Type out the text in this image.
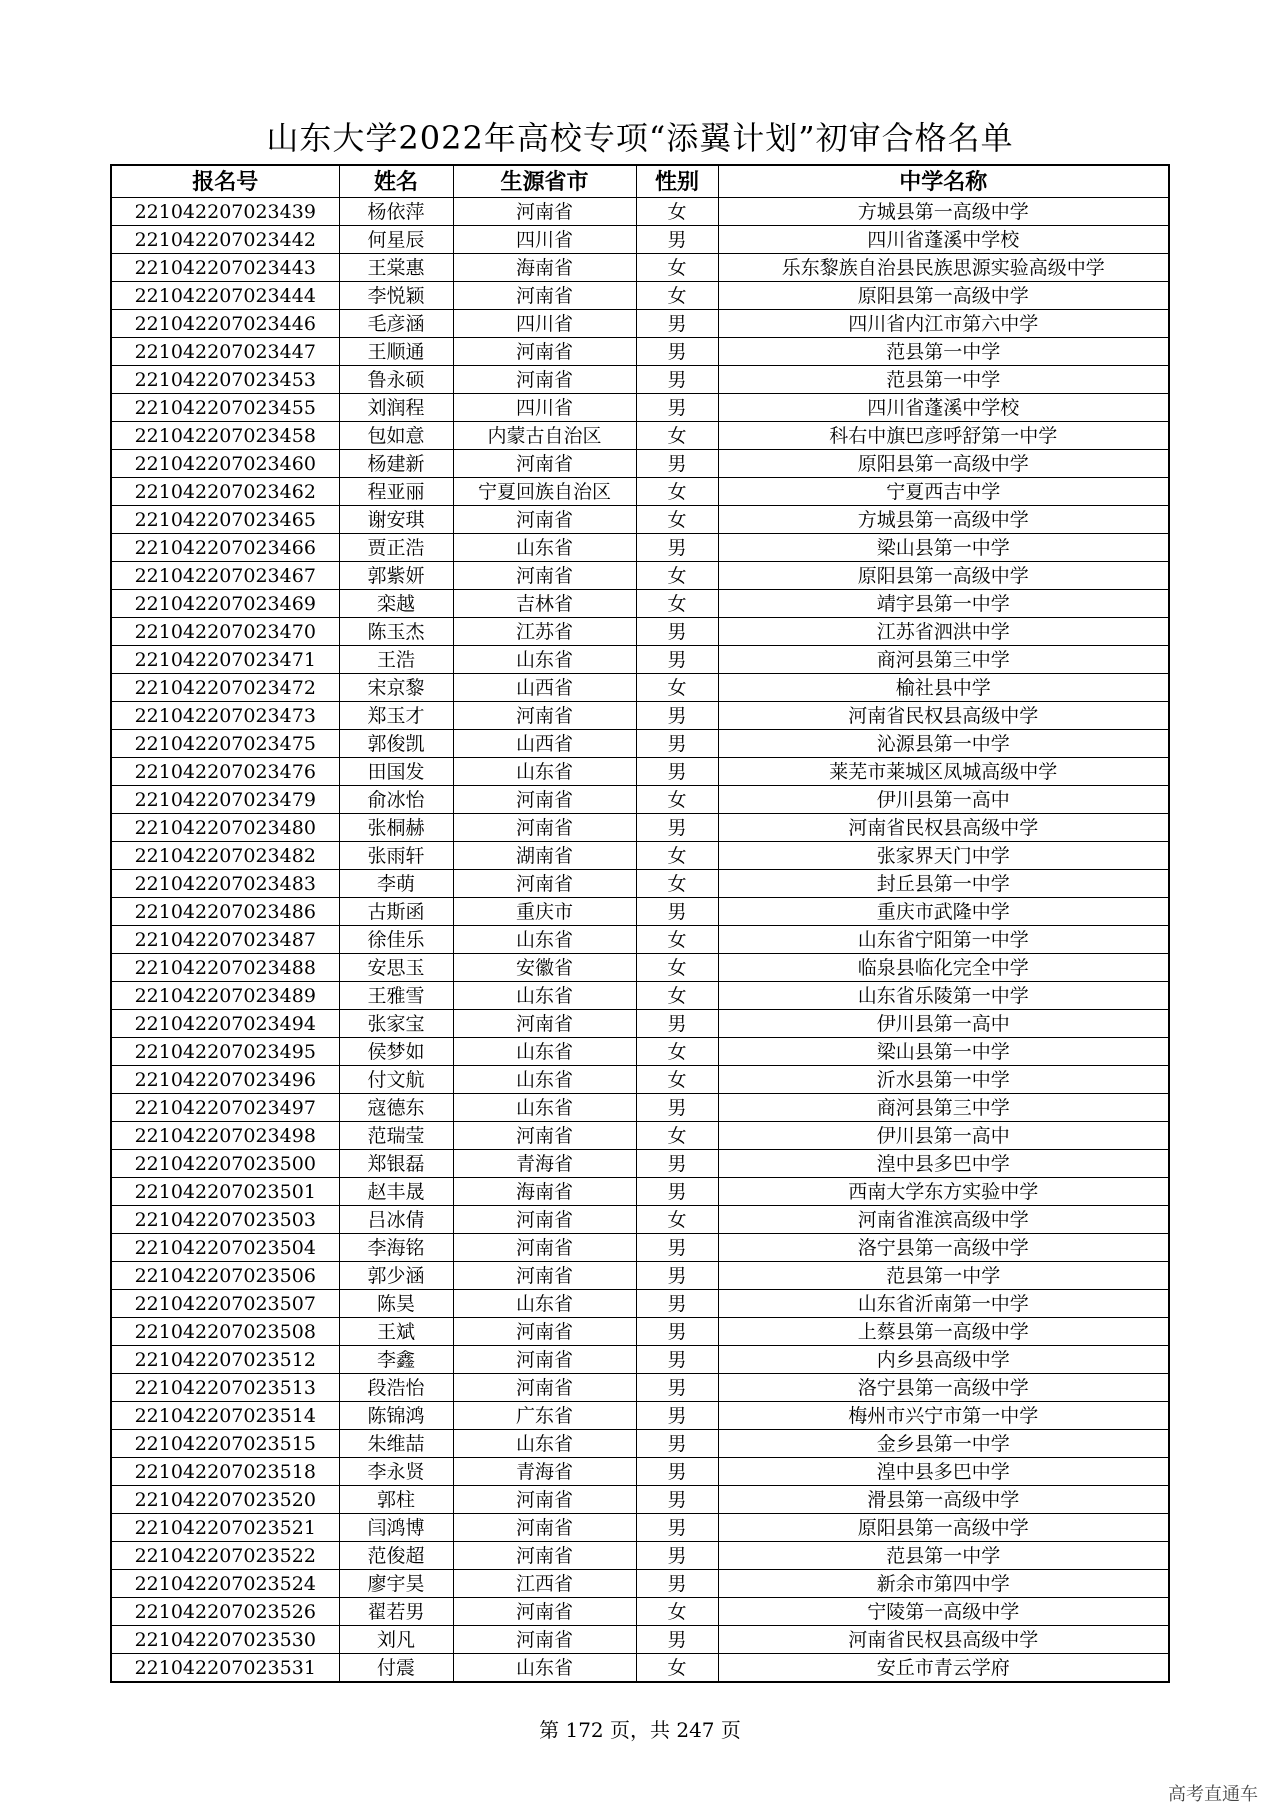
山东大学2022年高校专项“添翼计划”初审合格名单
报名号	姓名	生源省市	性别	中学名称
221042207023439	杨依萍	河南省	女	方城县第一高级中学
221042207023442	何星辰	四川省	男	四川省蓬溪中学校
221042207023443	王棠惠	海南省	女	乐东黎族自治县民族思源实验高级中学
221042207023444	李悦颖	河南省	女	原阳县第一高级中学
221042207023446	毛彦涵	四川省	男	四川省内江市第六中学
221042207023447	王顺通	河南省	男	范县第一中学
221042207023453	鲁永硕	河南省	男	范县第一中学
221042207023455	刘润程	四川省	男	四川省蓬溪中学校
221042207023458	包如意	内蒙古自治区	女	科右中旗巴彦呼舒第一中学
221042207023460	杨建新	河南省	男	原阳县第一高级中学
221042207023462	程亚丽	宁夏回族自治区	女	宁夏西吉中学
221042207023465	谢安琪	河南省	女	方城县第一高级中学
221042207023466	贾正浩	山东省	男	梁山县第一中学
221042207023467	郭紫妍	河南省	女	原阳县第一高级中学
221042207023469	栾越	吉林省	女	靖宇县第一中学
221042207023470	陈玉杰	江苏省	男	江苏省泗洪中学
221042207023471	王浩	山东省	男	商河县第三中学
221042207023472	宋京黎	山西省	女	榆社县中学
221042207023473	郑玉才	河南省	男	河南省民权县高级中学
221042207023475	郭俊凯	山西省	男	沁源县第一中学
221042207023476	田国发	山东省	男	莱芜市莱城区凤城高级中学
221042207023479	俞冰怡	河南省	女	伊川县第一高中
221042207023480	张桐赫	河南省	男	河南省民权县高级中学
221042207023482	张雨轩	湖南省	女	张家界天门中学
221042207023483	李萌	河南省	女	封丘县第一中学
221042207023486	古斯函	重庆市	男	重庆市武隆中学
221042207023487	徐佳乐	山东省	女	山东省宁阳第一中学
221042207023488	安思玉	安徽省	女	临泉县临化完全中学
221042207023489	王雅雪	山东省	女	山东省乐陵第一中学
221042207023494	张家宝	河南省	男	伊川县第一高中
221042207023495	侯梦如	山东省	女	梁山县第一中学
221042207023496	付文航	山东省	女	沂水县第一中学
221042207023497	寇德东	山东省	男	商河县第三中学
221042207023498	范瑞莹	河南省	女	伊川县第一高中
221042207023500	郑银磊	青海省	男	湟中县多巴中学
221042207023501	赵丰晟	海南省	男	西南大学东方实验中学
221042207023503	吕冰倩	河南省	女	河南省淮滨高级中学
221042207023504	李海铭	河南省	男	洛宁县第一高级中学
221042207023506	郭少涵	河南省	男	范县第一中学
221042207023507	陈昊	山东省	男	山东省沂南第一中学
221042207023508	王斌	河南省	男	上蔡县第一高级中学
221042207023512	李鑫	河南省	男	内乡县高级中学
221042207023513	段浩怡	河南省	男	洛宁县第一高级中学
221042207023514	陈锦鸿	广东省	男	梅州市兴宁市第一中学
221042207023515	朱维喆	山东省	男	金乡县第一中学
221042207023518	李永贤	青海省	男	湟中县多巴中学
221042207023520	郭柱	河南省	男	滑县第一高级中学
221042207023521	闫鸿博	河南省	男	原阳县第一高级中学
221042207023522	范俊超	河南省	男	范县第一中学
221042207023524	廖宇昊	江西省	男	新余市第四中学
221042207023526	翟若男	河南省	女	宁陵第一高级中学
221042207023530	刘凡	河南省	男	河南省民权县高级中学
221042207023531	付震	山东省	女	安丘市青云学府
第 172 页，共 247 页
高考直通车
